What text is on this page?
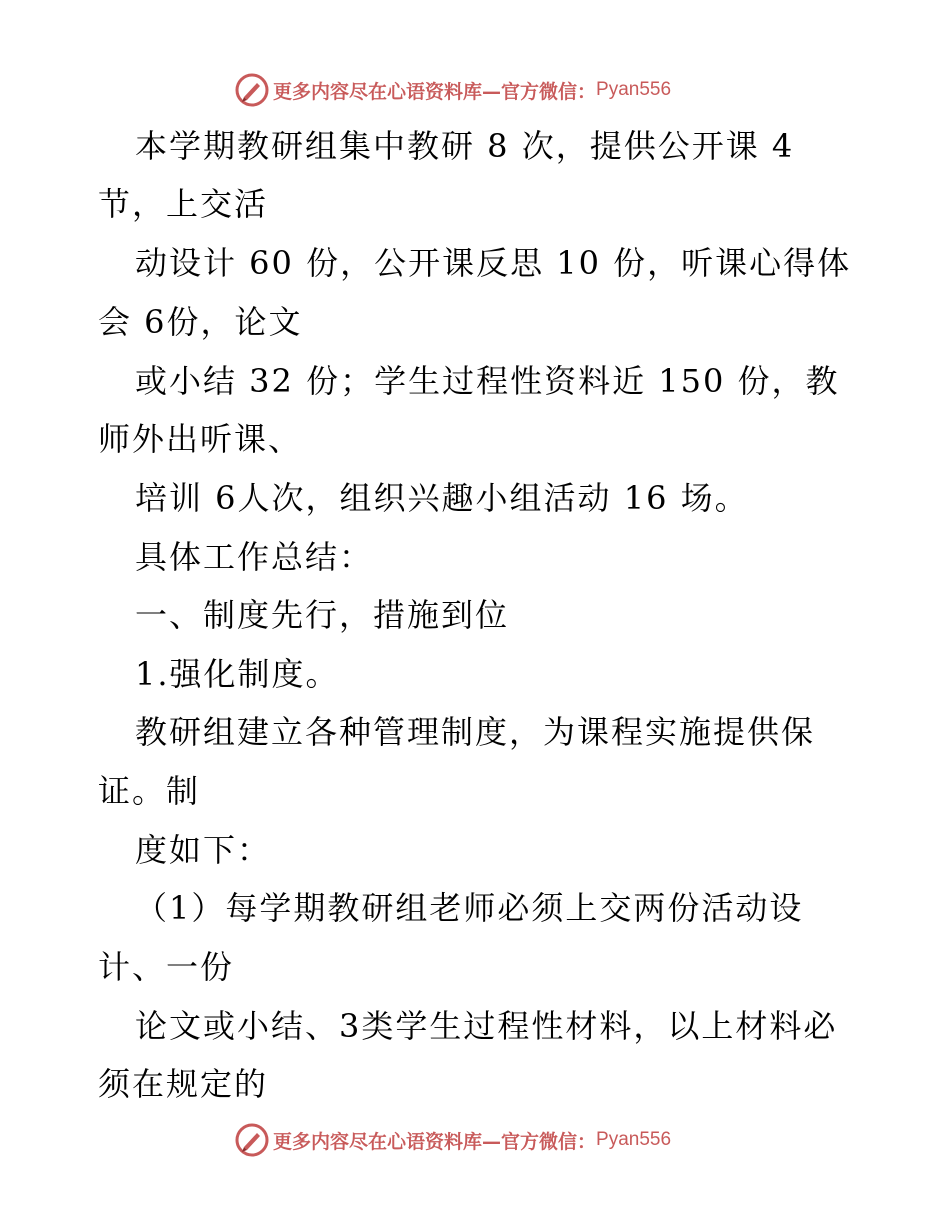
更多内容尽在心语资料库—官方微信： Pyan556
本学期教研组集中教研 8 次，提供公开课 4
节，上交活
动设计 60 份，公开课反思 10 份，听课心得体
会 6份，论文
或小结 32 份；学生过程性资料近 150 份，教
师外出听课、
培训 6人次，组织兴趣小组活动 16 场。
具体工作总结：
一、制度先行，措施到位
1.强化制度。
教研组建立各种管理制度，为课程实施提供保
证。制
度如下：
（1）每学期教研组老师必须上交两份活动设
计、一份
论文或小结、3类学生过程性材料，以上材料必
须在规定的
更多内容尽在心语资料库—官方微信： Pyan556
